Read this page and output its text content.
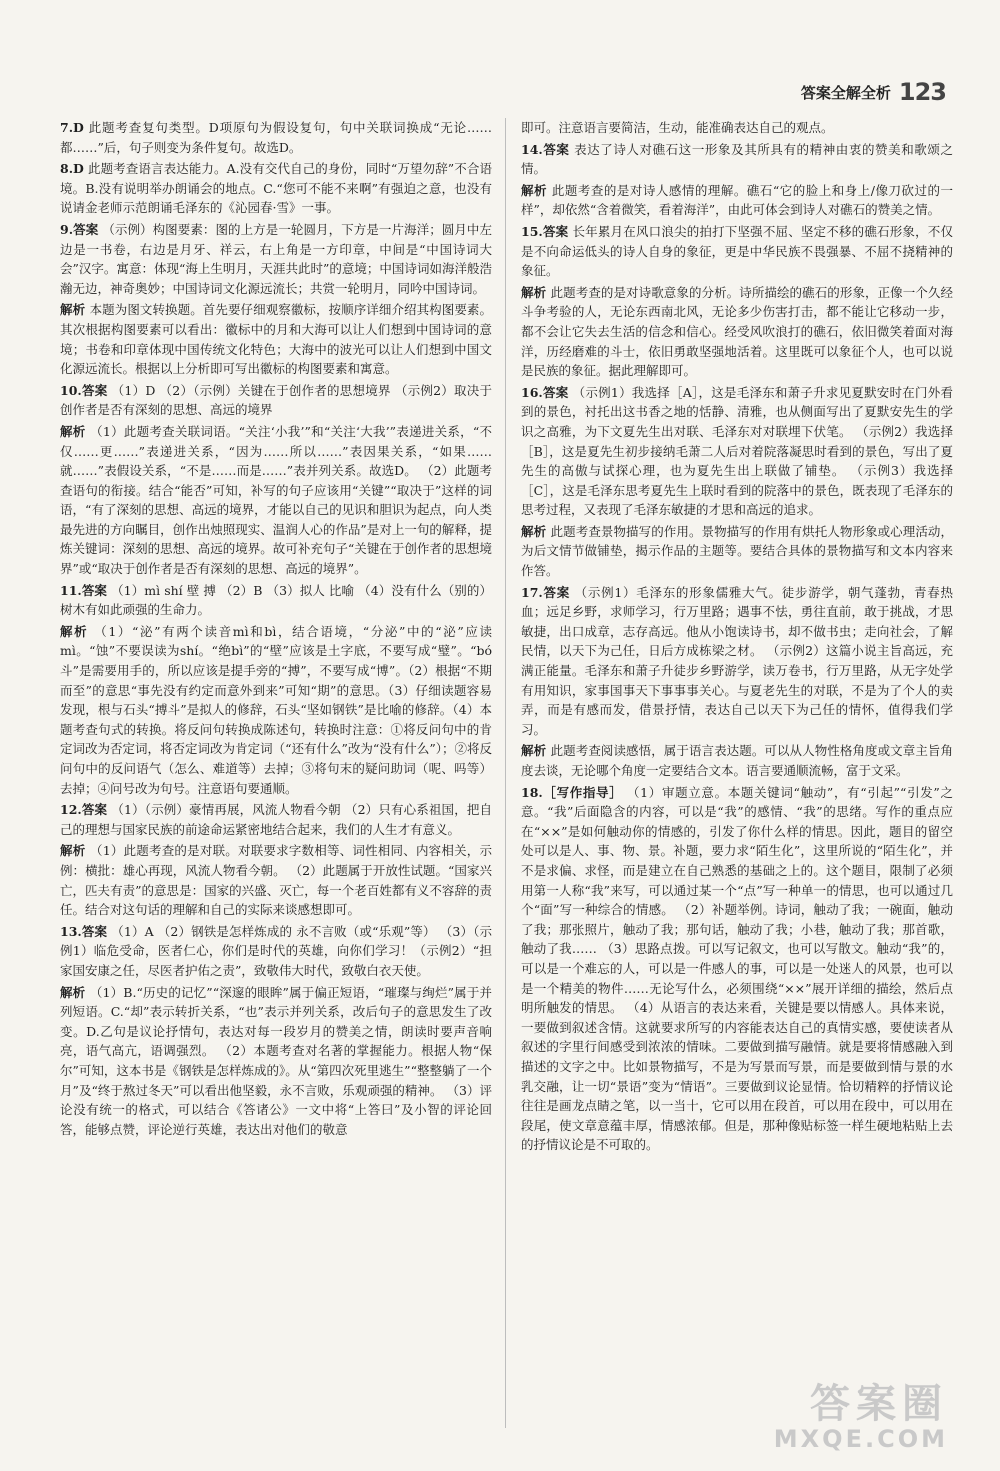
答案全解全析 123
7.D 此题考查复句类型。D项原句为假设复句，句中关联词换成“无论……都……”后，句子则变为条件复句。故选D。
8.D 此题考查语言表达能力。A.没有交代自己的身份，同时“万望勿辞”不合语境。B.没有说明举办朗诵会的地点。C.“您可不能不来啊”有强迫之意，也没有说请金老师示范朗诵毛泽东的《沁园春·雪》一事。
9.答案 （示例）构图要素：图的上方是一轮圆月，下方是一片海洋；圆月中左边是一书卷，右边是月牙、祥云，右上角是一方印章，中间是“中国诗词大会”汉字。寓意：体现“海上生明月，天涯共此时”的意境；中国诗词如海洋般浩瀚无边，神奇奥妙；中国诗词文化源远流长；共赏一轮明月，同吟中国诗词。
解析 本题为图文转换题。首先要仔细观察徽标，按顺序详细介绍其构图要素。其次根据构图要素可以看出：徽标中的月和大海可以让人们想到中国诗词的意境；书卷和印章体现中国传统文化特色；大海中的波光可以让人们想到中国文化源远流长。根据以上分析即可写出徽标的构图要素和寓意。
10.答案 （1）D （2）（示例）关键在于创作者的思想境界 （示例2）取决于创作者是否有深刻的思想、高远的境界
解析 （1）此题考查关联词语。“关注‘小我’”和“关注‘大我’”表递进关系，“不仅……更……”表递进关系，“因为……所以……”表因果关系，“如果……就……”表假设关系，“不是……而是……”表并列关系。故选D。 （2）此题考查语句的衔接。结合“能否”可知，补写的句子应该用“关键”“取决于”这样的词语，“有了深刻的思想、高远的境界，才能以自己的见识和胆识为起点，向人类最先进的方向瞩目，创作出烛照现实、温润人心的作品”是对上一句的解释，提炼关键词：深刻的思想、高远的境界。故可补充句子“关键在于创作者的思想境界”或“取决于创作者是否有深刻的思想、高远的境界”。
11.答案 （1）mì shí 壁 搏 （2）B （3）拟人 比喻 （4）没有什么（别的）树木有如此顽强的生命力。
解析 （1）“泌”有两个读音mì和bì，结合语境，“分泌”中的“泌”应读mì。“蚀”不要误读为shí。“绝bì”的“壁”应该是土字底，不要写成“璧”。“bó斗”是需要用手的，所以应该是提手旁的“搏”，不要写成“博”。（2）根据“不期而至”的意思“事先没有约定而意外到来”可知“期”的意思。（3）仔细读题容易发现，根与石头“搏斗”是拟人的修辞，石头“坚如钢铁”是比喻的修辞。（4）本题考查句式的转换。将反问句转换成陈述句，转换时注意：①将反问句中的肯定词改为否定词，将否定词改为肯定词（“还有什么”改为“没有什么”）；②将反问句中的反问语气（怎么、难道等）去掉；③将句末的疑问助词（呢、吗等）去掉；④问号改为句号。注意语句要通顺。
12.答案 （1）（示例）豪情再展，风流人物看今朝 （2）只有心系祖国，把自己的理想与国家民族的前途命运紧密地结合起来，我们的人生才有意义。
解析 （1）此题考查的是对联。对联要求字数相等、词性相同、内容相关，示例：横批：雄心再现，风流人物看今朝。 （2）此题属于开放性试题。“国家兴亡，匹夫有责”的意思是：国家的兴盛、灭亡，每一个老百姓都有义不容辞的责任。结合对这句话的理解和自己的实际来谈感想即可。
13.答案 （1）A （2）钢铁是怎样炼成的 永不言败（或“乐观”等） （3）（示例1）临危受命，医者仁心，你们是时代的英雄，向你们学习！（示例2）“担家国安康之任，尽医者护佑之责”，致敬伟大时代，致敬白衣天使。
解析 （1）B.“历史的记忆”“深邃的眼眸”属于偏正短语，“璀璨与绚烂”属于并列短语。C.“却”表示转折关系，“也”表示并列关系，改后句子的意思发生了改变。D.乙句是议论抒情句，表达对每一段岁月的赞美之情，朗读时要声音响亮，语气高亢，语调强烈。 （2）本题考查对名著的掌握能力。根据人物“保尔”可知，这本书是《钢铁是怎样炼成的》。从“第四次死里逃生”“整整躺了一个月”及“终于熬过冬天”可以看出他坚毅，永不言败，乐观顽强的精神。 （3）评论没有统一的格式，可以结合《答诸公》一文中将“上答曰”及小智的评论回答，能够点赞，评论逆行英雄，表达出对他们的敬意
即可。注意语言要简洁，生动，能准确表达自己的观点。
14.答案 表达了诗人对礁石这一形象及其所具有的精神由衷的赞美和歌颂之情。
解析 此题考查的是对诗人感情的理解。礁石“它的脸上和身上/像刀砍过的一样”，却依然“含着微笑，看着海洋”，由此可体会到诗人对礁石的赞美之情。
15.答案 长年累月在风口浪尖的拍打下坚强不屈、坚定不移的礁石形象，不仅是不向命运低头的诗人自身的象征，更是中华民族不畏强暴、不屈不挠精神的象征。
解析 此题考查的是对诗歌意象的分析。诗所描绘的礁石的形象，正像一个久经斗争考验的人，无论东西南北风，无论多少伤害打击，都不能让它移动一步，都不会让它失去生活的信念和信心。经受风吹浪打的礁石，依旧微笑着面对海洋，历经磨难的斗士，依旧勇敢坚强地活着。这里既可以象征个人，也可以说是民族的象征。据此理解即可。
16.答案 （示例1）我选择［A］，这是毛泽东和萧子升求见夏默安时在门外看到的景色，衬托出这书香之地的恬静、清雅，也从侧面写出了夏默安先生的学识之高雅，为下文夏先生出对联、毛泽东对对联埋下伏笔。 （示例2）我选择［B］，这是夏先生初步接纳毛萧二人后对着院落凝思时看到的景色，写出了夏先生的高傲与试探心理，也为夏先生出上联做了铺垫。 （示例3）我选择［C］，这是毛泽东思考夏先生上联时看到的院落中的景色，既表现了毛泽东的思考过程，又表现了毛泽东敏捷的才思和高远的追求。
解析 此题考查景物描写的作用。景物描写的作用有烘托人物形象或心理活动，为后文情节做铺垫，揭示作品的主题等。要结合具体的景物描写和文本内容来作答。
17.答案 （示例1）毛泽东的形象儒雅大气。徒步游学，朝气蓬勃，青春热血；远足乡野，求师学习，行万里路；遇事不怯，勇往直前，敢于挑战，才思敏捷，出口成章，志存高远。他从小饱读诗书，却不做书虫；走向社会，了解民情，以天下为己任，日后方成栋梁之材。 （示例2）这篇小说主旨高远，充满正能量。毛泽东和萧子升徒步乡野游学，读万卷书，行万里路，从无字处学有用知识，家事国事天下事事事关心。与夏老先生的对联，不是为了个人的卖弄，而是有感而发，借景抒情，表达自己以天下为己任的情怀，值得我们学习。
解析 此题考查阅读感悟，属于语言表达题。可以从人物性格角度或文章主旨角度去谈，无论哪个角度一定要结合文本。语言要通顺流畅，富于文采。
18.［写作指导］ （1）审题立意。本题关键词“触动”，有“引起”“引发”之意。“我”后面隐含的内容，可以是“我”的感情、“我”的思绪。写作的重点应在“××”是如何触动你的情感的，引发了你什么样的情思。因此，题目的留空处可以是人、事、物、景。补题，要力求“陌生化”，这里所说的“陌生化”，并不是求偏、求怪，而是建立在自己熟悉的基础之上的。这个题目，限制了必须用第一人称“我”来写，可以通过某一个“点”写一种单一的情思，也可以通过几个“面”写一种综合的情感。 （2）补题举例。诗词，触动了我；一碗面，触动了我；那张照片，触动了我；那句话，触动了我；小巷，触动了我；那首歌，触动了我…… （3）思路点拨。可以写记叙文，也可以写散文。触动“我”的，可以是一个难忘的人，可以是一件感人的事，可以是一处迷人的风景，也可以是一个精美的物件……无论写什么，必须围绕“××”展开详细的描绘，然后点明所触发的情思。 （4）从语言的表达来看，关键是要以情感人。具体来说，一要做到叙述含情。这就要求所写的内容能表达自己的真情实感，要使读者从叙述的字里行间感受到浓浓的情味。二要做到描写融情。就是要将情感融入到描述的文字之中。比如景物描写，不是为写景而写景，而是要做到情与景的水乳交融，让一切“景语”变为“情语”。三要做到议论显情。恰切精粹的抒情议论往往是画龙点睛之笔，以一当十，它可以用在段首，可以用在段中，可以用在段尾，使文章意蕴丰厚，情感浓郁。但是，那种像贴标签一样生硬地粘贴上去的抒情议论是不可取的。
答案圈
MXQE.COM
